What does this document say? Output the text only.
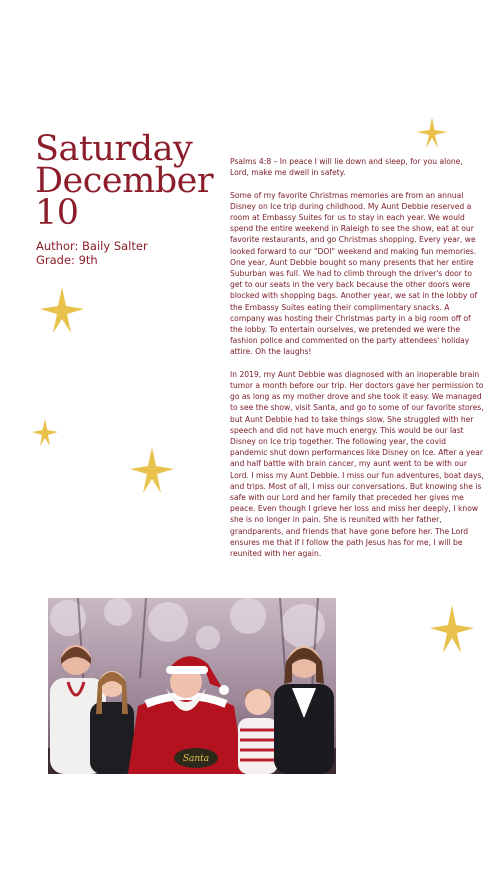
Saturday
December
10
Author: Baily Salter
Grade: 9th

Psalms 4:8 – In peace I will lie down and sleep, for you alone, Lord, make me dwell in safety.

Some of my favorite Christmas memories are from an annual Disney on Ice trip during childhood. My Aunt Debbie reserved a room at Embassy Suites for us to stay in each year. We would spend the entire weekend in Raleigh to see the show, eat at our favorite restaurants, and go Christmas shopping. Every year, we looked forward to our "DOI" weekend and making fun memories. One year, Aunt Debbie bought so many presents that her entire Suburban was full. We had to climb through the driver's door to get to our seats in the very back because the other doors were blocked with shopping bags. Another year, we sat in the lobby of the Embassy Suites eating their complimentary snacks. A company was hosting their Christmas party in a big room off of the lobby. To entertain ourselves, we pretended we were the fashion police and commented on the party attendees' holiday attire. Oh the laughs!

In 2019, my Aunt Debbie was diagnosed with an inoperable brain tumor a month before our trip. Her doctors gave her permission to go as long as my mother drove and she took it easy. We managed to see the show, visit Santa, and go to some of our favorite stores, but Aunt Debbie had to take things slow. She struggled with her speech and did not have much energy. This would be our last Disney on Ice trip together. The following year, the covid pandemic shut down performances like Disney on Ice. After a year and half battle with brain cancer, my aunt went to be with our Lord. I miss my Aunt Debbie. I miss our fun adventures, boat days, and trips. Most of all, I miss our conversations. But knowing she is safe with our Lord and her family that preceded her gives me peace. Even though I grieve her loss and miss her deeply, I know she is no longer in pain. She is reunited with her father, grandparents, and friends that have gone before her. The Lord ensures me that if I follow the path Jesus has for me, I will be reunited with her again.

Santa
